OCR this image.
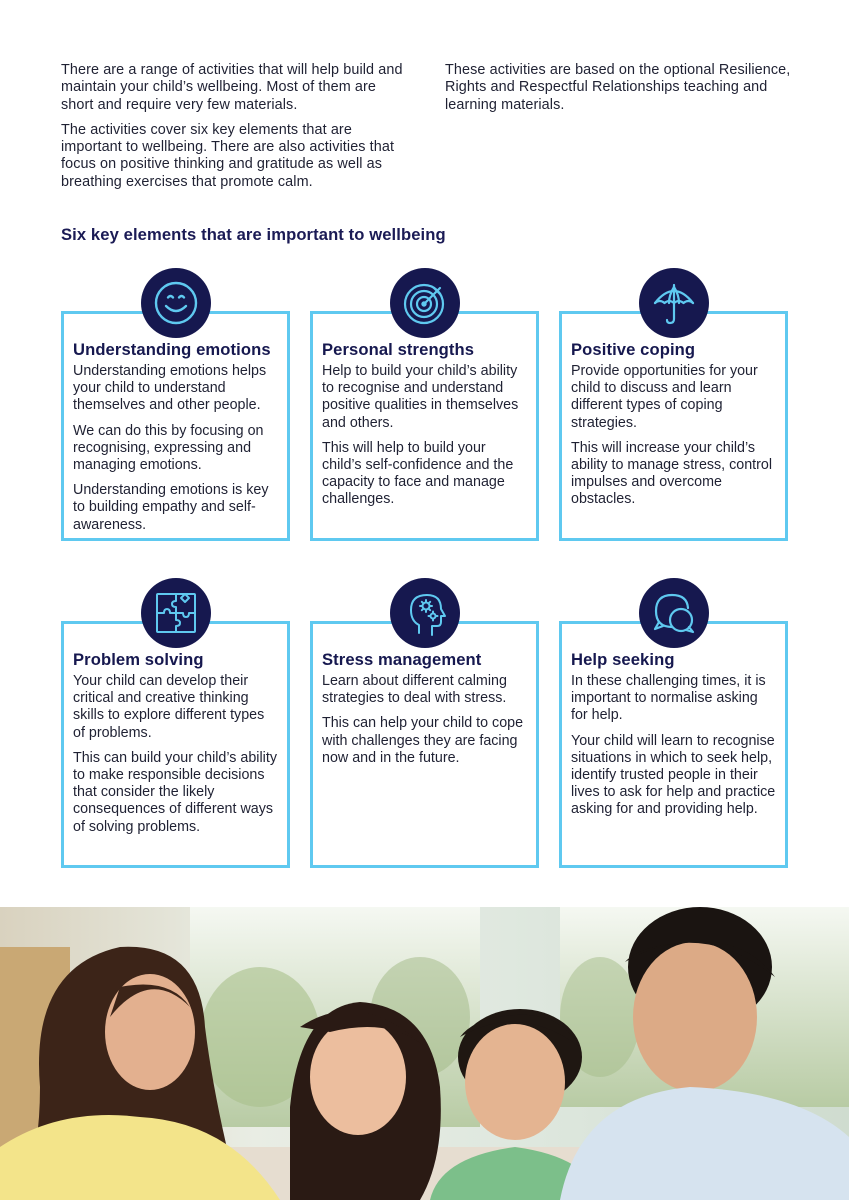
There are a range of activities that will help build and maintain your child’s wellbeing. Most of them are short and require very few materials.

The activities cover six key elements that are important to wellbeing. There are also activities that focus on positive thinking and gratitude as well as breathing exercises that promote calm.

These activities are based on the optional Resilience, Rights and Respectful Relationships teaching and learning materials.

Six key elements that are important to wellbeing
Understanding emotions

Understanding emotions helps your child to understand themselves and other people.

We can do this by focusing on recognising, expressing and managing emotions.

Understanding emotions is key to building empathy and self-awareness.

Personal strengths

Help to build your child’s ability to recognise and understand positive qualities in themselves and others.

This will help to build your child’s self-confidence and the capacity to face and manage challenges.

Positive coping

Provide opportunities for your child to discuss and learn different types of coping strategies.

This will increase your child’s ability to manage stress, control impulses and overcome obstacles.

Problem solving

Your child can develop their critical and creative thinking skills to explore different types of problems.

This can build your child’s ability to make responsible decisions that consider the likely consequences of different ways of solving problems.

Stress management

Learn about different calming strategies to deal with stress.

This can help your child to cope with challenges they are facing now and in the future.

Help seeking

In these challenging times, it is important to normalise asking for help.

Your child will learn to recognise situations in which to seek help, identify trusted people in their lives to ask for help and practice asking for and providing help.
